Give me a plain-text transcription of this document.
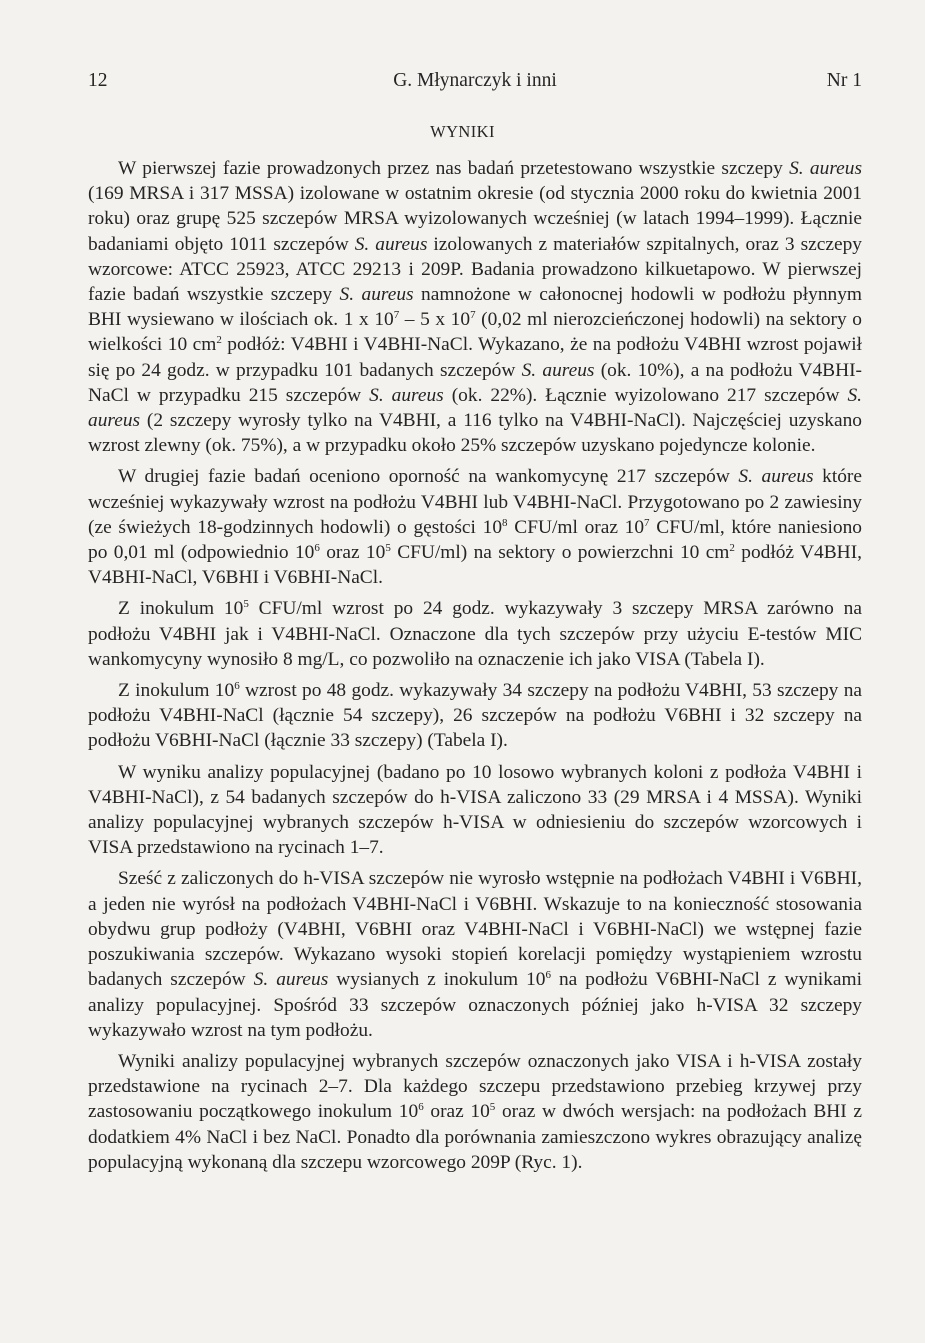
12	G. Młynarczyk i inni	Nr 1
WYNIKI

W pierwszej fazie prowadzonych przez nas badań przetestowano wszystkie szczepy S. aureus (169 MRSA i 317 MSSA) izolowane w ostatnim okresie (od stycznia 2000 roku do kwietnia 2001 roku) oraz grupę 525 szczepów MRSA wyizolowanych wcześniej (w latach 1994–1999). Łącznie badaniami objęto 1011 szczepów S. aureus izolowanych z materiałów szpitalnych, oraz 3 szczepy wzorcowe: ATCC 25923, ATCC 29213 i 209P. Badania prowadzono kilkuetapowo. W pierwszej fazie badań wszystkie szczepy S. aureus namnożone w całonocnej hodowli w podłożu płynnym BHI wysiewano w ilościach ok. 1 x $10^7 - 5$ x $10^7$ (0,02 ml nierozcieńczonej hodowli) na sektory o wielkości 10 $cm^2$ podłóż: V4BHI i V4BHI-NaCl. Wykazano, że na podłożu V4BHI wzrost pojawił się po 24 godz. w przypadku 101 badanych szczepów S. aureus (ok. 10%), a na podłożu V4BHI-NaCl w przypadku 215 szczepów S. aureus (ok. 22%). Łącznie wyizolowano 217 szczepów S. aureus (2 szczepy wyrosły tylko na V4BHI, a 116 tylko na V4BHI-NaCl). Najczęściej uzyskano wzrost zlewny (ok. 75%), a w przypadku około 25% szczepów uzyskano pojedyncze kolonie.

W drugiej fazie badań oceniono oporność na wankomycynę 217 szczepów S. aureus które wcześniej wykazywały wzrost na podłożu V4BHI lub V4BHI-NaCl. Przygotowano po 2 zawiesiny (ze świeżych 18-godzinnych hodowli) o gęstości $10^8$ CFU/ml oraz $10^7$ CFU/ml, które naniesiono po 0,01 ml (odpowiednio $10^6$ oraz $10^5$ CFU/ml) na sektory o powierzchni 10 $cm^2$ podłóż V4BHI, V4BHI-NaCl, V6BHI i V6BHI-NaCl.

Z inokulum $10^5$ CFU/ml wzrost po 24 godz. wykazywały 3 szczepy MRSA zarówno na podłożu V4BHI jak i V4BHI-NaCl. Oznaczone dla tych szczepów przy użyciu E-testów MIC wankomycyny wynosiło 8 mg/L, co pozwoliło na oznaczenie ich jako VISA (Tabela I).

Z inokulum $10^6$ wzrost po 48 godz. wykazywały 34 szczepy na podłożu V4BHI, 53 szczepy na podłożu V4BHI-NaCl (łącznie 54 szczepy), 26 szczepów na podłożu V6BHI i 32 szczepy na podłożu V6BHI-NaCl (łącznie 33 szczepy) (Tabela I).

W wyniku analizy populacyjnej (badano po 10 losowo wybranych koloni z podłoża V4BHI i V4BHI-NaCl), z 54 badanych szczepów do h-VISA zaliczono 33 (29 MRSA i 4 MSSA). Wyniki analizy populacyjnej wybranych szczepów h-VISA w odniesieniu do szczepów wzorcowych i VISA przedstawiono na rycinach 1–7.

Sześć z zaliczonych do h-VISA szczepów nie wyrosło wstępnie na podłożach V4BHI i V6BHI, a jeden nie wyrósł na podłożach V4BHI-NaCl i V6BHI. Wskazuje to na konieczność stosowania obydwu grup podłoży (V4BHI, V6BHI oraz V4BHI-NaCl i V6BHI-NaCl) we wstępnej fazie poszukiwania szczepów. Wykazano wysoki stopień korelacji pomiędzy wystąpieniem wzrostu badanych szczepów S. aureus wysianych z inokulum $10^6$ na podłożu V6BHI-NaCl z wynikami analizy populacyjnej. Spośród 33 szczepów oznaczonych później jako h-VISA 32 szczepy wykazywało wzrost na tym podłożu.

Wyniki analizy populacyjnej wybranych szczepów oznaczonych jako VISA i h-VISA zostały przedstawione na rycinach 2–7. Dla każdego szczepu przedstawiono przebieg krzywej przy zastosowaniu początkowego inokulum $10^6$ oraz $10^5$ oraz w dwóch wersjach: na podłożach BHI z dodatkiem 4% NaCl i bez NaCl. Ponadto dla porównania zamieszczono wykres obrazujący analizę populacyjną wykonaną dla szczepu wzorcowego 209P (Ryc. 1).
